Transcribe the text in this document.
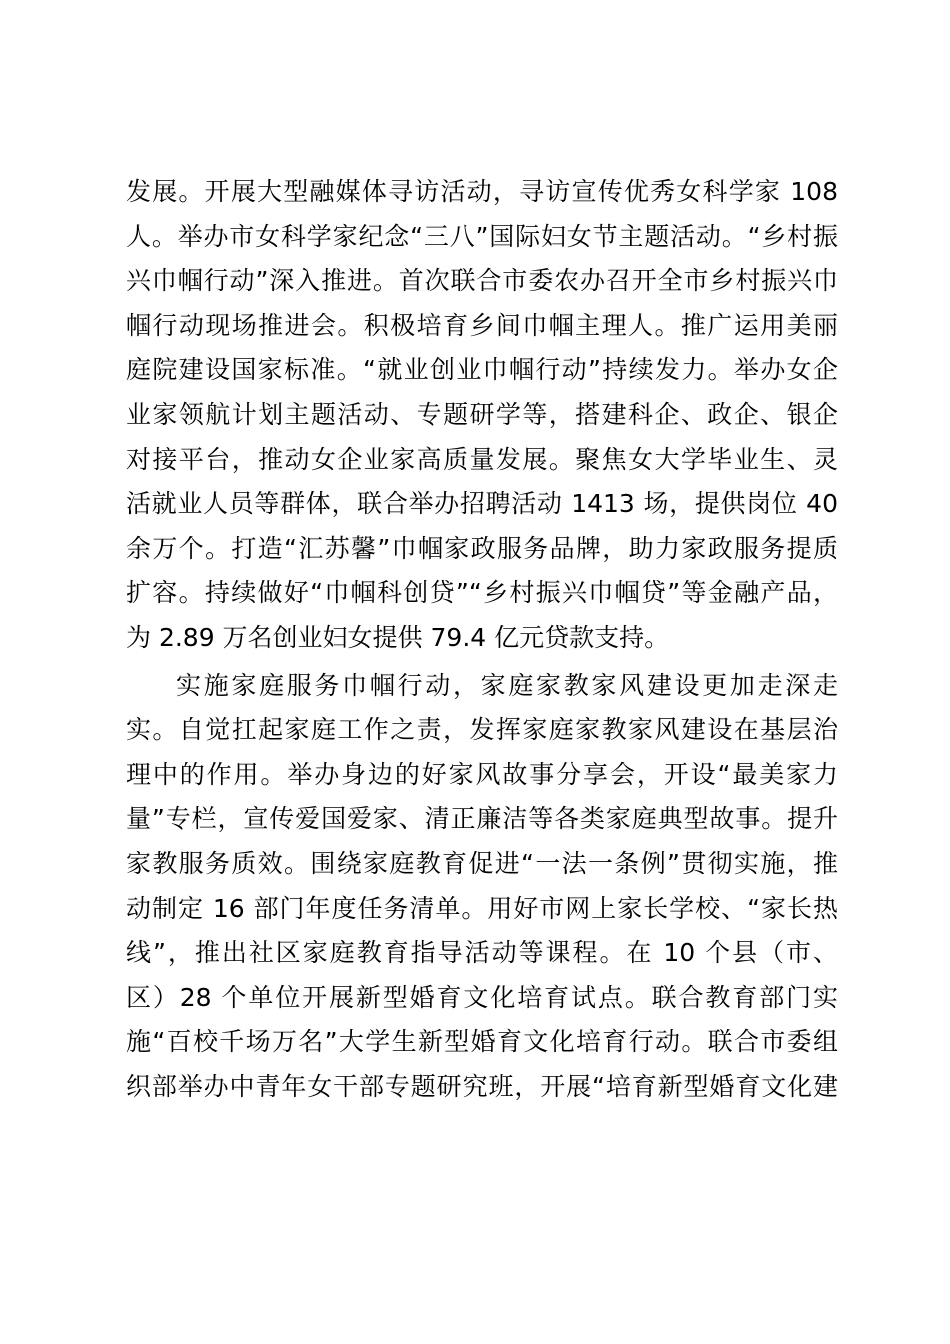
发展。开展大型融媒体寻访活动，寻访宣传优秀女科学家 108
人。举办市女科学家纪念“三八”国际妇女节主题活动。“乡村振
兴巾帼行动”深入推进。首次联合市委农办召开全市乡村振兴巾
帼行动现场推进会。积极培育乡间巾帼主理人。推广运用美丽
庭院建设国家标准。“就业创业巾帼行动”持续发力。举办女企
业家领航计划主题活动、专题研学等，搭建科企、政企、银企
对接平台，推动女企业家高质量发展。聚焦女大学毕业生、灵
活就业人员等群体，联合举办招聘活动 1413 场，提供岗位 40
余万个。打造“汇苏馨”巾帼家政服务品牌，助力家政服务提质
扩容。持续做好“巾帼科创贷”“乡村振兴巾帼贷”等金融产品，
为 2.89 万名创业妇女提供 79.4 亿元贷款支持。
实施家庭服务巾帼行动，家庭家教家风建设更加走深走
实。自觉扛起家庭工作之责，发挥家庭家教家风建设在基层治
理中的作用。举办身边的好家风故事分享会，开设“最美家力
量”专栏，宣传爱国爱家、清正廉洁等各类家庭典型故事。提升
家教服务质效。围绕家庭教育促进“一法一条例”贯彻实施，推
动制定 16 部门年度任务清单。用好市网上家长学校、“家长热
线”，推出社区家庭教育指导活动等课程。在 10 个县（市、
区）28 个单位开展新型婚育文化培育试点。联合教育部门实
施“百校千场万名”大学生新型婚育文化培育行动。联合市委组
织部举办中青年女干部专题研究班，开展“培育新型婚育文化建
